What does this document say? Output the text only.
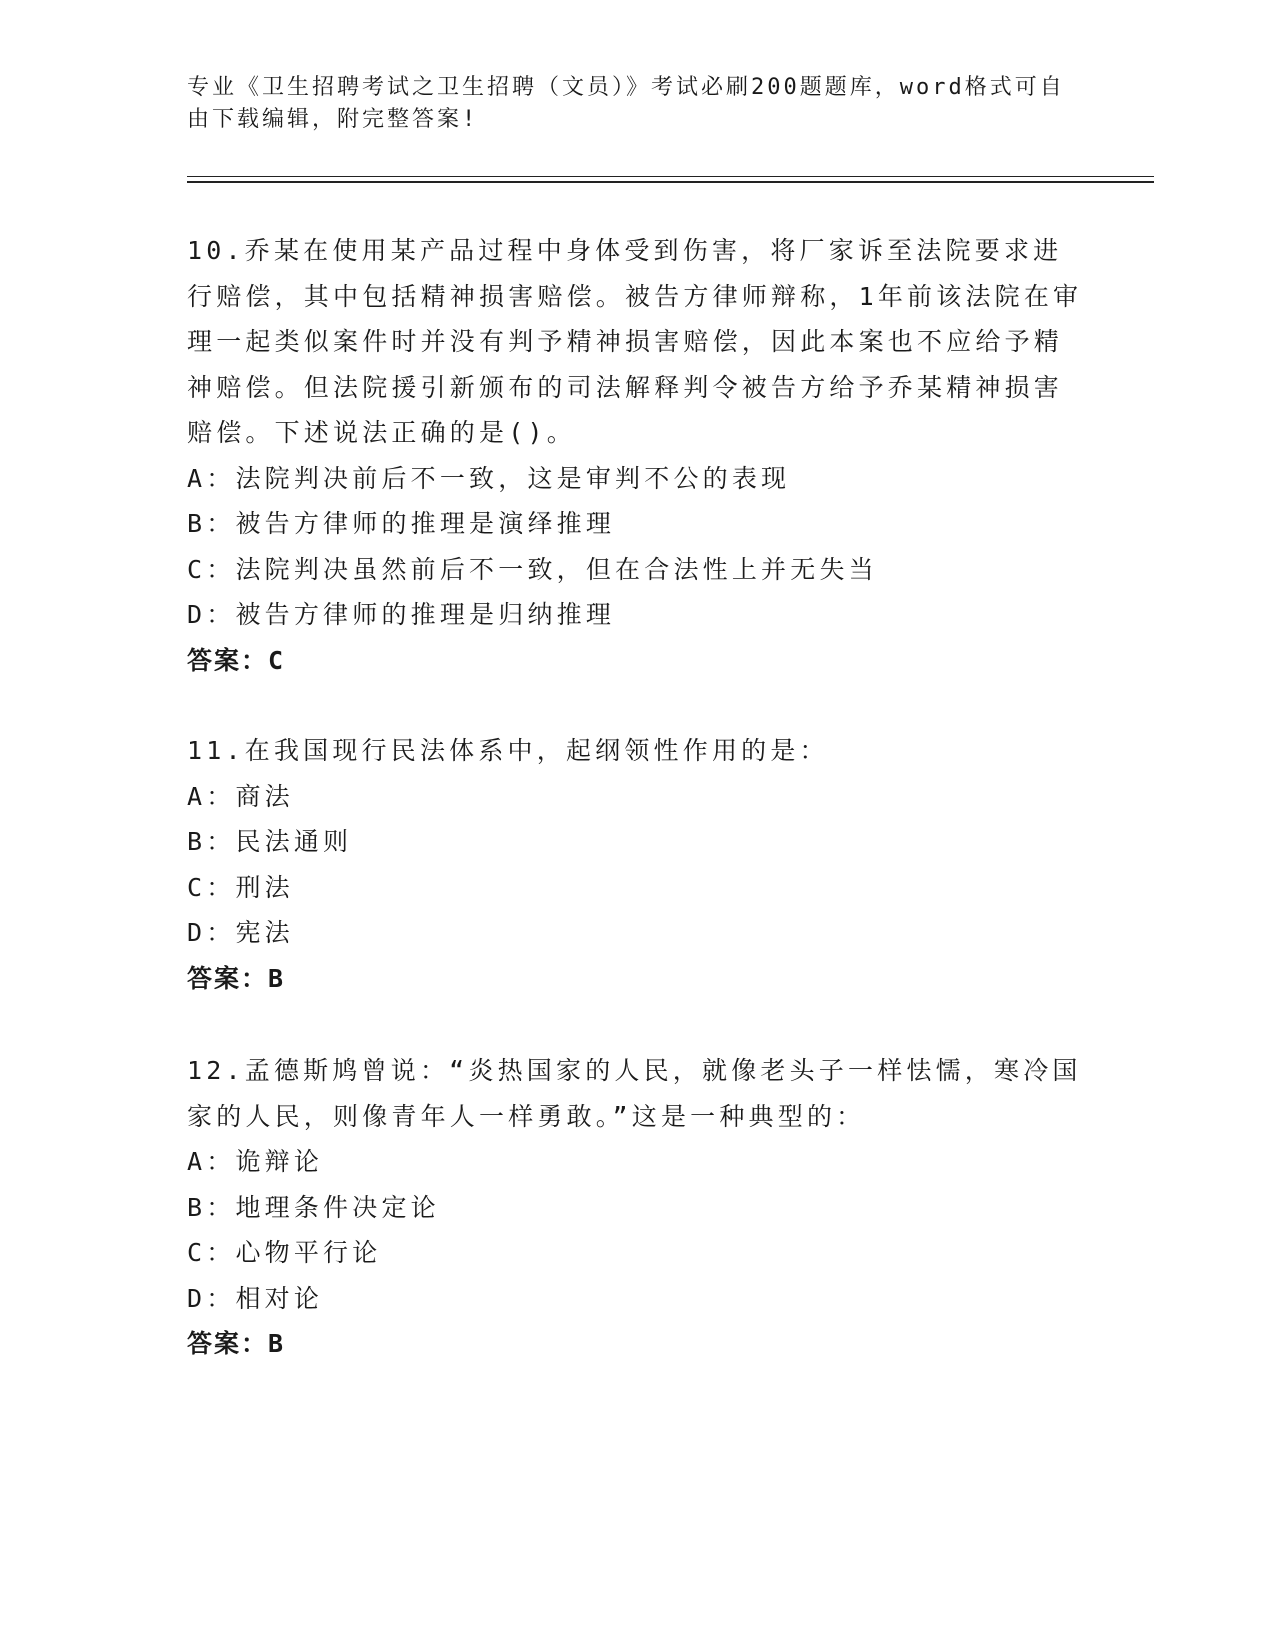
专业《卫生招聘考试之卫生招聘（文员）》考试必刷200题题库，word格式可自由下载编辑，附完整答案!

10.乔某在使用某产品过程中身体受到伤害，将厂家诉至法院要求进行赔偿，其中包括精神损害赔偿。被告方律师辩称，1年前该法院在审理一起类似案件时并没有判予精神损害赔偿，因此本案也不应给予精神赔偿。但法院援引新颁布的司法解释判令被告方给予乔某精神损害赔偿。下述说法正确的是()。

A：法院判决前后不一致，这是审判不公的表现

B：被告方律师的推理是演绎推理

C：法院判决虽然前后不一致，但在合法性上并无失当

D：被告方律师的推理是归纳推理

答案：C

11.在我国现行民法体系中，起纲领性作用的是：

A：商法

B：民法通则

C：刑法

D：宪法

答案：B

12.孟德斯鸠曾说：“炎热国家的人民，就像老头子一样怯懦，寒冷国家的人民，则像青年人一样勇敢。”这是一种典型的：

A：诡辩论

B：地理条件决定论

C：心物平行论

D：相对论

答案：B
